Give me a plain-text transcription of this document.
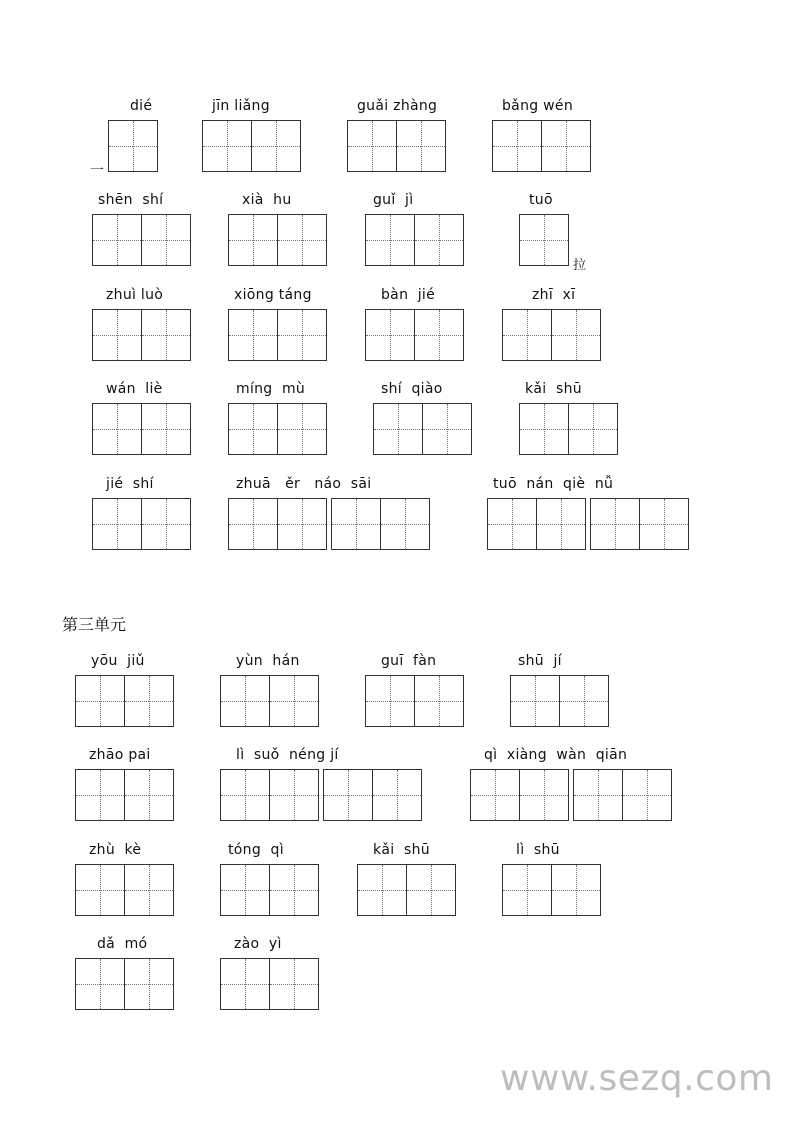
dié	jīn liǎng	guǎi zhàng	bǎng wén
shēn  shí	xià  hu	guǐ  jì	tuō
zhuì luò	xiōng táng	bàn  jié	zhī  xī
wán  liè	míng  mù	shí  qiào	kǎi  shū
jié  shí	zhuā   ěr   náo  sāi	tuō  nán  qiè  nǚ
yōu  jiǔ	yùn  hán	guī  fàn	shū  jí
zhāo pai	lì  suǒ  néng jí	qì  xiàng  wàn  qiān
zhù  kè	tóng  qì	kǎi  shū	lì  shū
dǎ  mó	zào  yì
第三单元
一
拉
www.sezq.com
